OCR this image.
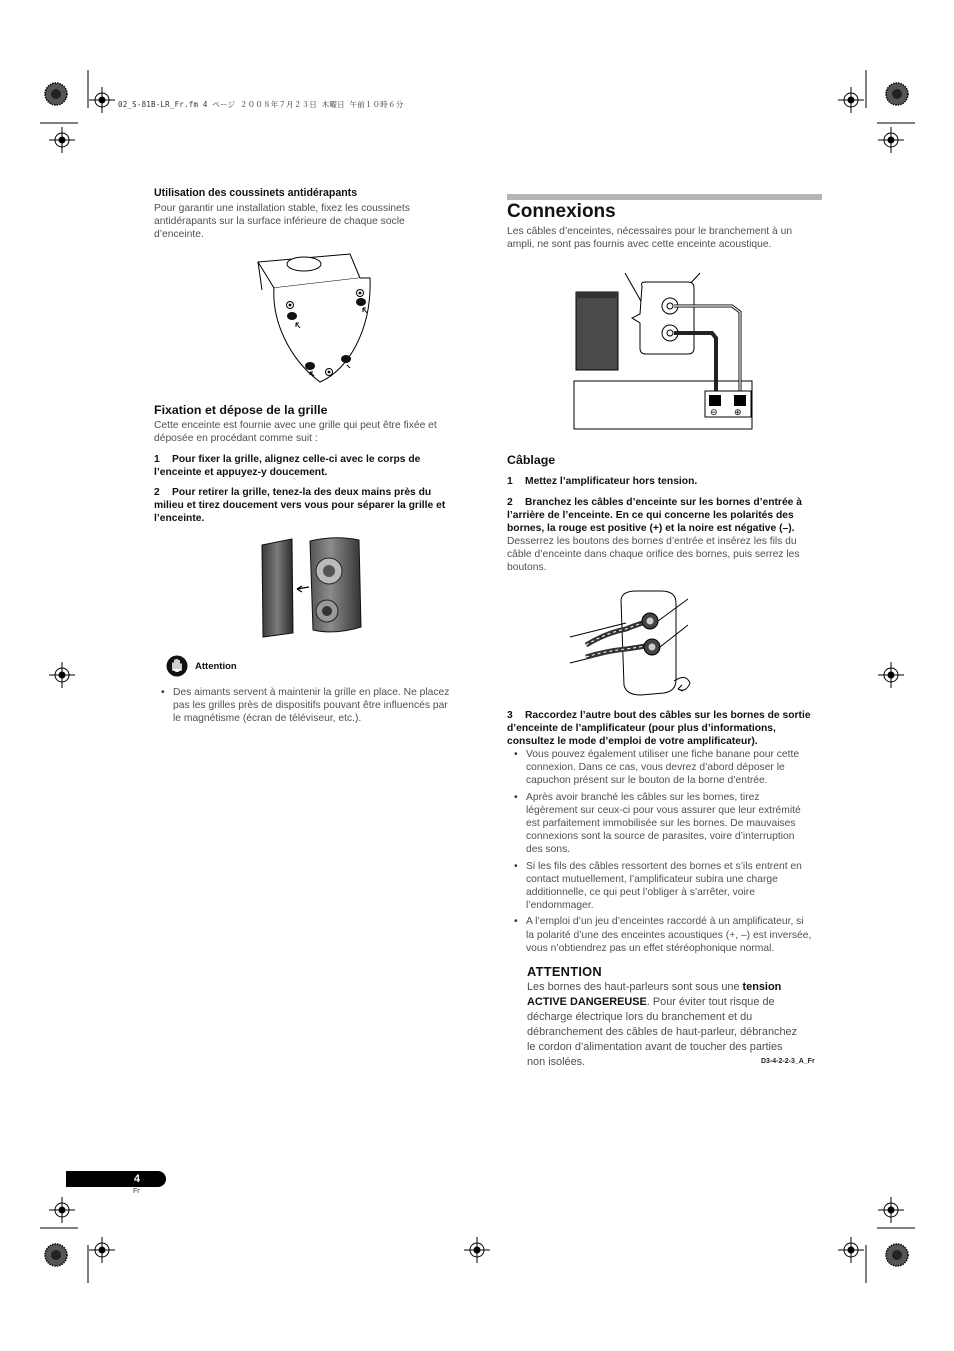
02_S-81B-LR_Fr.fm 4 ページ ２００８年７月２３日 木曜日 午前１０時６分
Utilisation des coussinets antidérapants
Pour garantir une installation stable, fixez les coussinets
antidérapants sur la surface inférieure de chaque socle
d’enceinte.
Fixation et dépose de la grille
Cette enceinte est fournie avec une grille qui peut être fixée et
déposée en procédant comme suit :
1 Pour fixer la grille, alignez celle-ci avec le corps de
l’enceinte et appuyez-y doucement.
2 Pour retirer la grille, tenez-la des deux mains près du
milieu et tirez doucement vers vous pour séparer la grille et
l’enceinte.
Attention
• Des aimants servent à maintenir la grille en place. Ne placez
pas les grilles près de dispositifs pouvant être influencés par
le magnétisme (écran de téléviseur, etc.).
Connexions
Les câbles d’enceintes, nécessaires pour le branchement à un
ampli, ne sont pas fournis avec cette enceinte acoustique.
⊖ ⊕
Câblage
1 Mettez l’amplificateur hors tension.
2 Branchez les câbles d’enceinte sur les bornes d’entrée à
l’arrière de l’enceinte. En ce qui concerne les polarités des
bornes, la rouge est positive (+) et la noire est négative (–).
Desserrez les boutons des bornes d’entrée et insérez les fils du
câble d’enceinte dans chaque orifice des bornes, puis serrez les
boutons.
3 Raccordez l’autre bout des câbles sur les bornes de sortie
d’enceinte de l’amplificateur (pour plus d’informations,
consultez le mode d’emploi de votre amplificateur).
• Vous pouvez également utiliser une fiche banane pour cette
connexion. Dans ce cas, vous devrez d’abord déposer le
capuchon présent sur le bouton de la borne d’entrée.
• Après avoir branché les câbles sur les bornes, tirez
légèrement sur ceux-ci pour vous assurer que leur extrémité
est parfaitement immobilisée sur les bornes. De mauvaises
connexions sont la source de parasites, voire d’interruption
des sons.
• Si les fils des câbles ressortent des bornes et s’ils entrent en
contact mutuellement, l’amplificateur subira une charge
additionnelle, ce qui peut l’obliger à s’arrêter, voire
l’endommager.
• A l’emploi d’un jeu d’enceintes raccordé à un amplificateur, si
la polarité d’une des enceintes acoustiques (+, –) est inversée,
vous n’obtiendrez pas un effet stéréophonique normal.
ATTENTION
Les bornes des haut-parleurs sont sous une tension
ACTIVE DANGEREUSE. Pour éviter tout risque de
décharge électrique lors du branchement et du
débranchement des câbles de haut-parleur, débranchez
le cordon d’alimentation avant de toucher des parties
non isolées.	D3-4-2-2-3_A_Fr
4
Fr
